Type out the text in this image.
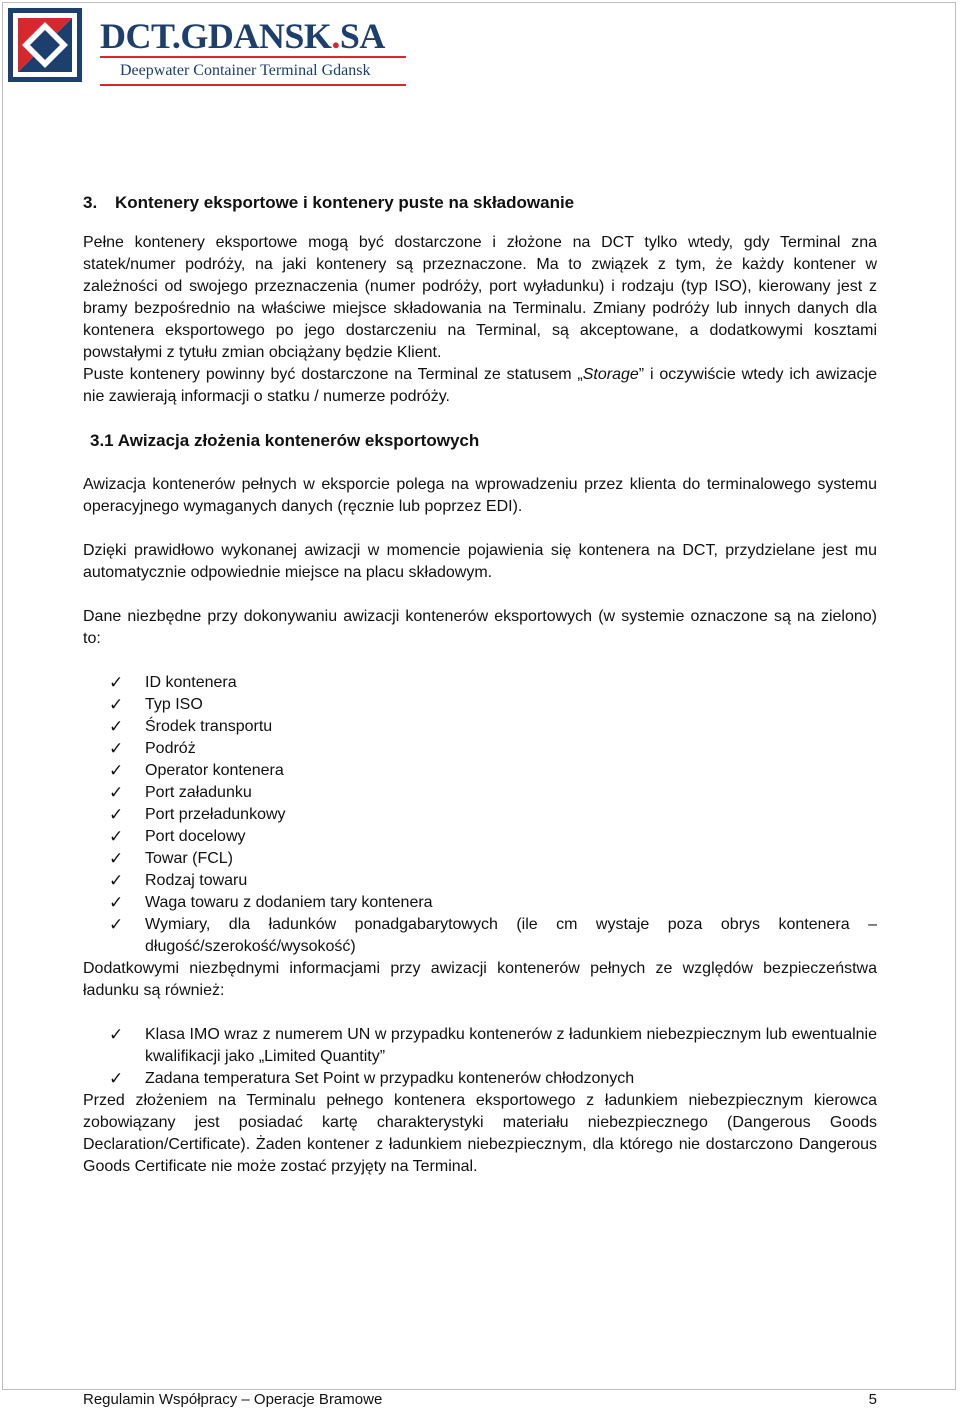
DCT.GDANSK.SA
Deepwater Container Terminal Gdansk
3. Kontenery eksportowe i kontenery puste na składowanie

Pełne kontenery eksportowe mogą być dostarczone i złożone na DCT tylko wtedy, gdy Terminal zna statek/numer podróży, na jaki kontenery są przeznaczone. Ma to związek z tym, że każdy kontener w zależności od swojego przeznaczenia (numer podróży, port wyładunku) i rodzaju (typ ISO), kierowany jest z bramy bezpośrednio na właściwe miejsce składowania na Terminalu. Zmiany podróży lub innych danych dla kontenera eksportowego po jego dostarczeniu na Terminal, są akceptowane, a dodatkowymi kosztami powstałymi z tytułu zmian obciążany będzie Klient.

Puste kontenery powinny być dostarczone na Terminal ze statusem „Storage” i oczywiście wtedy ich awizacje nie zawierają informacji o statku / numerze podróży.

3.1 Awizacja złożenia kontenerów eksportowych

Awizacja kontenerów pełnych w eksporcie polega na wprowadzeniu przez klienta do terminalowego systemu operacyjnego wymaganych danych (ręcznie lub poprzez EDI).

Dzięki prawidłowo wykonanej awizacji w momencie pojawienia się kontenera na DCT, przydzielane jest mu automatycznie odpowiednie miejsce na placu składowym.

Dane niezbędne przy dokonywaniu awizacji kontenerów eksportowych (w systemie oznaczone są na zielono) to:

✓ ID kontenera
✓ Typ ISO
✓ Środek transportu
✓ Podróż
✓ Operator kontenera
✓ Port załadunku
✓ Port przeładunkowy
✓ Port docelowy
✓ Towar (FCL)
✓ Rodzaj towaru
✓ Waga towaru z dodaniem tary kontenera
✓ Wymiary, dla ładunków ponadgabarytowych (ile cm wystaje poza obrys kontenera – długość/szerokość/wysokość)

Dodatkowymi niezbędnymi informacjami przy awizacji kontenerów pełnych ze względów bezpieczeństwa ładunku są również:

✓ Klasa IMO wraz z numerem UN w przypadku kontenerów z ładunkiem niebezpiecznym lub ewentualnie kwalifikacji jako „Limited Quantity”
✓ Zadana temperatura Set Point w przypadku kontenerów chłodzonych

Przed złożeniem na Terminalu pełnego kontenera eksportowego z ładunkiem niebezpiecznym kierowca zobowiązany jest posiadać kartę charakterystyki materiału niebezpiecznego (Dangerous Goods Declaration/Certificate). Żaden kontener z ładunkiem niebezpiecznym, dla którego nie dostarczono Dangerous Goods Certificate nie może zostać przyjęty na Terminal.

Regulamin Współpracy – Operacje Bramowe	5
